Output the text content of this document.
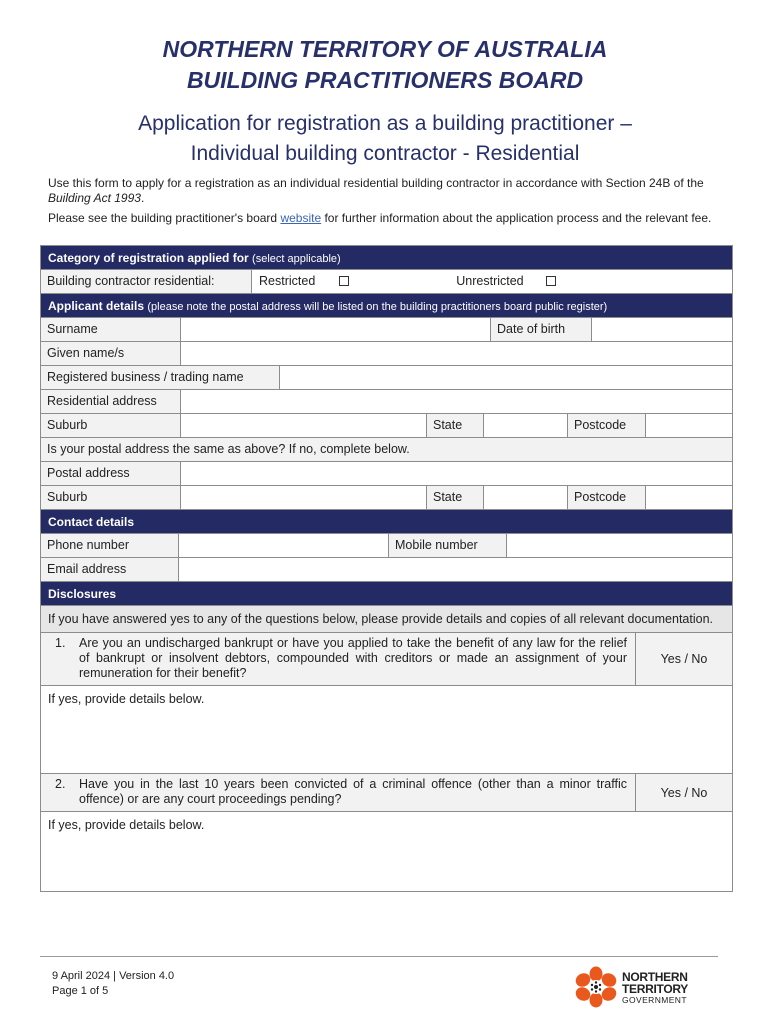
NORTHERN TERRITORY OF AUSTRALIA
BUILDING PRACTITIONERS BOARD
Application for registration as a building practitioner –
Individual building contractor - Residential
Use this form to apply for a registration as an individual residential building contractor in accordance with Section 24B of the Building Act 1993.
Please see the building practitioner's board website for further information about the application process and the relevant fee.
Category of registration applied for (select applicable)
Building contractor residential:	Restricted	Unrestricted
Applicant details (please note the postal address will be listed on the building practitioners board public register)
Surname	Date of birth
Given name/s
Registered business / trading name
Residential address
Suburb	State	Postcode
Is your postal address the same as above? If no, complete below.
Postal address
Suburb	State	Postcode
Contact details
Phone number	Mobile number
Email address
Disclosures
If you have answered yes to any of the questions below, please provide details and copies of all relevant documentation.
1.	Are you an undischarged bankrupt or have you applied to take the benefit of any law for the relief of bankrupt or insolvent debtors, compounded with creditors or made an assignment of your remuneration for their benefit?
Yes / No
If yes, provide details below.
2.	Have you in the last 10 years been convicted of a criminal offence (other than a minor traffic offence) or are any court proceedings pending?	Yes / No
If yes, provide details below.
9 April 2024 | Version 4.0
Page 1 of 5
NORTHERN
TERRITORY
GOVERNMENT
